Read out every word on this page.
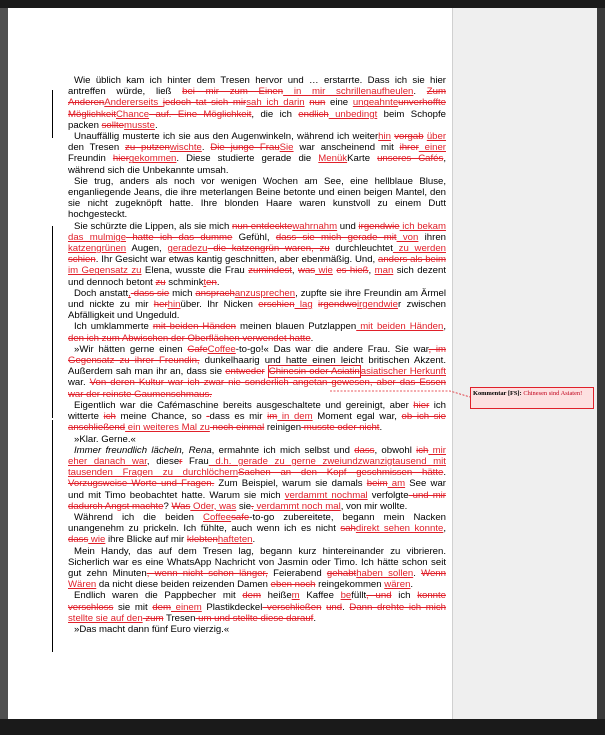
Wie üblich kam ich hinter dem Tresen hervor und … erstarrte. Dass ich sie hier antreffen würde, ließ bei mir zum Einen in mir schrillenaufheulen. Zum AnderenAndererseits jedoch tat sich mirsah ich darin nun eine ungeahnteunverhoffte MöglichkeitChance auf. Eine Möglichkeit, die ich endlich unbedingt beim Schopfe packen solltemusste.

Unauffällig musterte ich sie aus den Augenwinkeln, während ich weiterhin vorgab über den Tresen zu putzenwischte. Die junge FrauSie war anscheinend mit ihrer einer Freundin hiergekommen. Diese studierte gerade die MenükKarte unseres Cafés, während sich die Unbekannte umsah.

Sie trug, anders als noch vor wenigen Wochen am See, eine hellblaue Bluse, enganliegende Jeans, die ihre meterlangen Beine betonte und einen beigen Mantel, den sie nicht zugeknöpft hatte. Ihre blonden Haare waren kunstvoll zu einem Dutt hochgesteckt.

Sie schürzte die Lippen, als sie mich nun entdecktewahrnahm und irgendwie ich bekam das mulmige hatte ich das dumme Gefühl, dass sie mich gerade mit von ihren katzengrünen Augen, geradezu die katzengrün waren, zu durchleuchtet zu werden schien. Ihr Gesicht war etwas kantig geschnitten, aber ebenmäßig. Und, anders als beim im Gegensatz zu Elena, wusste die Frau zumindest, was wie es hieß, man sich dezent und dennoch betont zu schminkten.

Doch anstatt, dass sie mich ansprachanzusprechen, zupfte sie ihre Freundin am Ärmel und nickte zu mir herhinüber. Ihr Nicken erschien lag irgendwoirgendwier zwischen Abfälligkeit und Ungeduld.

Ich umklammerte mit beiden Händen meinen blauen Putzlappen mit beiden Händen, den ich zum Abwischen der Oberflächen verwendet hatte.

»Wir hätten gerne einen CafeCoffee-to-go!« Das war die andere Frau. Sie war, im Gegensatz zu ihrer Freundin, dunkelhaarig und hatte einen leicht britischen Akzent. Außerdem sah man ihr an, dass sie entweder Chinesin oder Asiatinasiatischer Herkunft war. Von deren Kultur war ich zwar nie sonderlich angetan gewesen, aber das Essen war der reinste Gaumenschmaus.

Eigentlich war die Cafémaschine bereits ausgeschaltete und gereinigt, aber hier ich witterte ich meine Chance, so -dass es mir im in dem Moment egal war, ob ich sie anschließend ein weiteres Mal zu noch einmal reinigen musste oder nicht.

»Klar. Gerne.«

Immer freundlich lächeln, Rena, ermahnte ich mich selbst und dass, obwohl ich mir eher danach war, dieser Frau d.h. gerade zu gerne zweiundzwanzigtausend mit tausenden Fragen zu durchlöchernSachen an den Kopf geschmissen hätte. Vorzugsweise Worte und Fragen. Zum Beispiel, warum sie damals beim am See war und mit Timo beobachtet hatte. Warum sie mich verdammt nochmal verfolgte und mir dadurch Angst machte? Was Oder, was sie. verdammt noch mal, von mir wollte.

Während ich die beiden Coffeesafe-to-go zubereitete, begann mein Nacken unangenehm zu prickeln. Ich fühlte, auch wenn ich es nicht sahdirekt sehen konnte, dass wie ihre Blicke auf mir klebtenhafteten.

Mein Handy, das auf dem Tresen lag, begann kurz hintereinander zu vibrieren. Sicherlich war es eine WhatsApp Nachricht von Jasmin oder Timo. Ich hätte schon seit gut zehn Minuten, wenn nicht schon länger, Feierabend gehabthaben sollen. Wenn Wären da nicht diese beiden reizenden Damen eben noch reingekommen wären.

Endlich waren die Pappbecher mit dem heißem Kaffee befüllt, und ich konnte verschloss sie mit dem einem Plastikdeckel verschließen und. Dann drehte ich mich stellte sie auf den zum Tresen um und stellte diese darauf.

»Das macht dann fünf Euro vierzig.«

Kommentar [FS]: Chinesen sind Asiaten!
